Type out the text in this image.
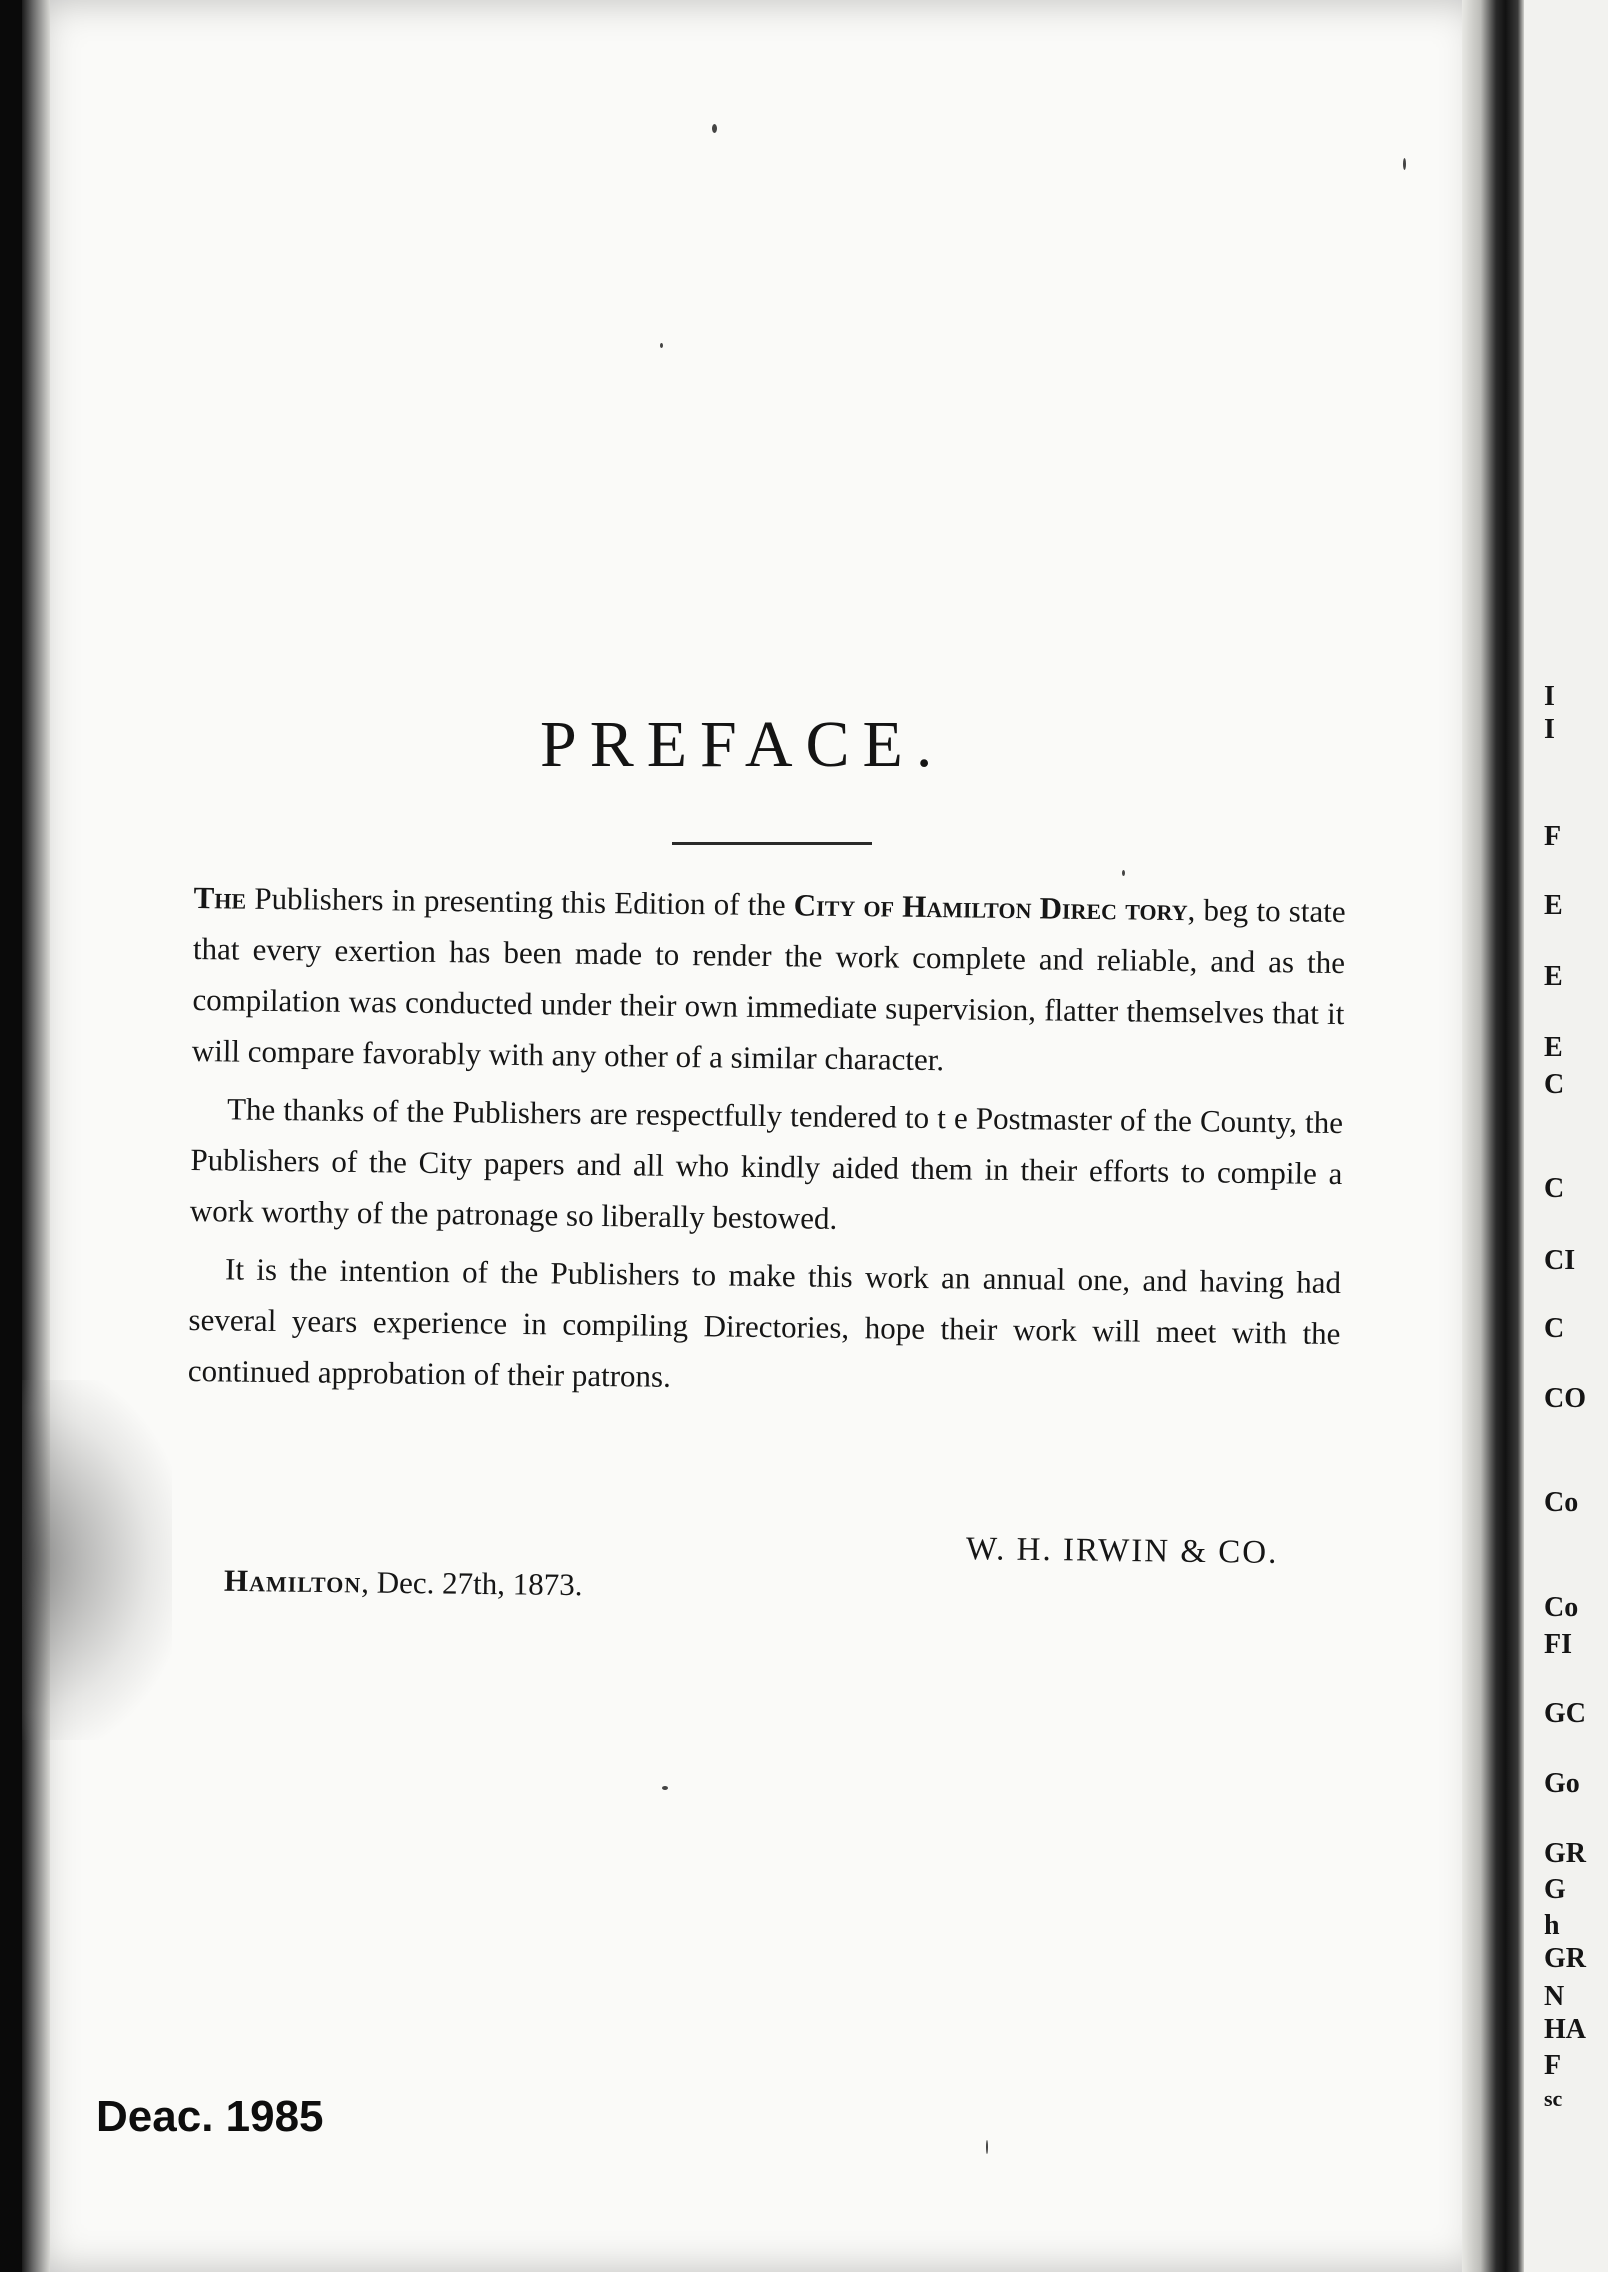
I
I
F
E
E
E
C
C
CI
C
CO
Co
Co
FI
GC
Go
GR
G
h
GR
N
HA
F
sc
PREFACE.

The Publishers in presenting this Edition of the City of Hamilton Direc tory, beg to state that every exertion has been made to render the work complete and reliable, and as the compilation was conducted under their own immediate supervision, flatter themselves that it will compare favorably with any other of a similar character.

The thanks of the Publishers are respectfully tendered to t e Postmaster of the County, the Publishers of the City papers and all who kindly aided them in their efforts to compile a work worthy of the patronage so liberally bestowed.

It is the intention of the Publishers to make this work an annual one, and having had several years experience in compiling Directories, hope their work will meet with the continued approbation of their patrons.

W. H. IRWIN & CO.
Hamilton, Dec. 27th, 1873.
Deac. 1985
